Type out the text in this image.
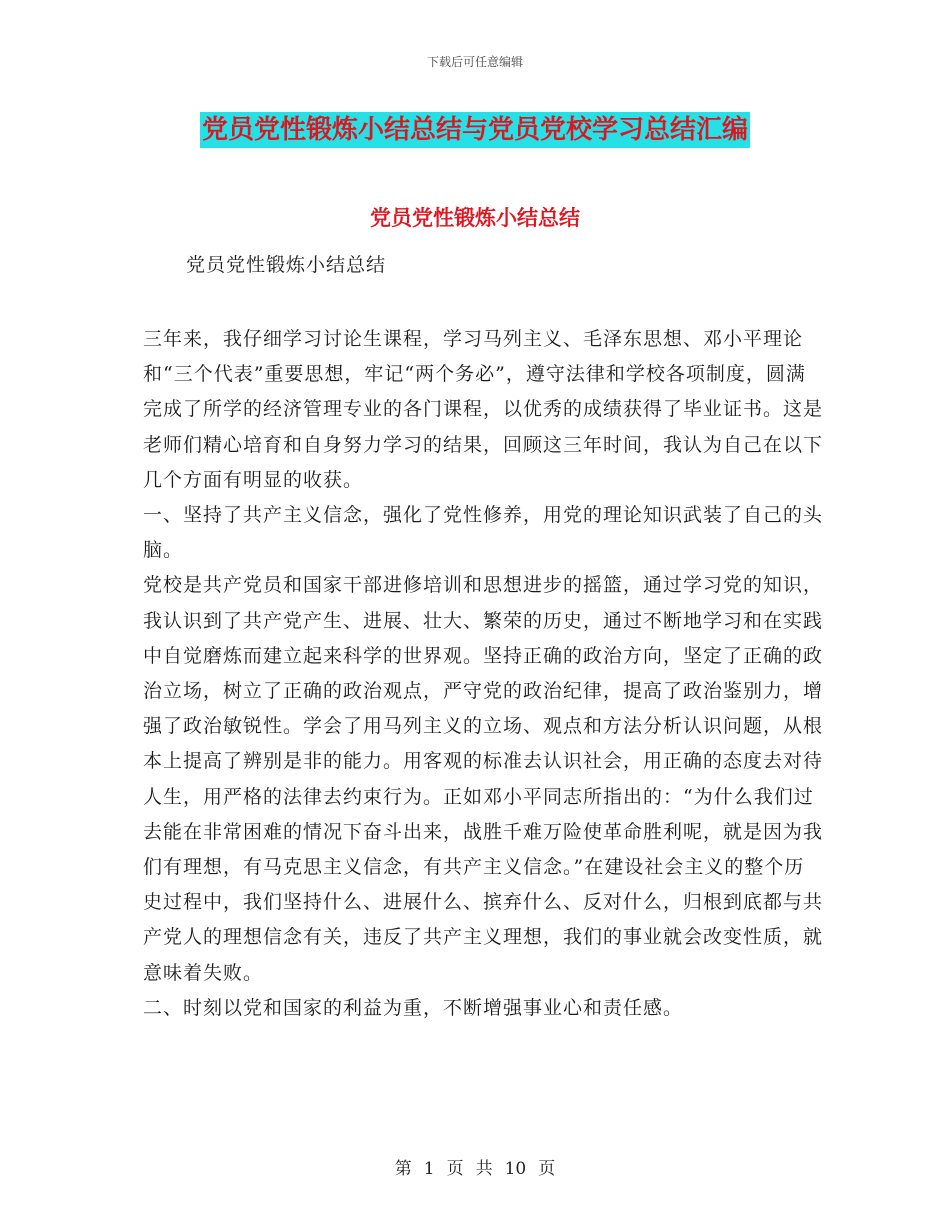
下载后可任意编辑
党员党性锻炼小结总结与党员党校学习总结汇编
党员党性锻炼小结总结
党员党性锻炼小结总结

三年来，我仔细学习讨论生课程，学习马列主义、毛泽东思想、邓小平理论和“三个代表”重要思想，牢记“两个务必”，遵守法律和学校各项制度，圆满完成了所学的经济管理专业的各门课程，以优秀的成绩获得了毕业证书。这是老师们精心培育和自身努力学习的结果，回顾这三年时间，我认为自己在以下几个方面有明显的收获。

一、坚持了共产主义信念，强化了党性修养，用党的理论知识武装了自己的头脑。

党校是共产党员和国家干部进修培训和思想进步的摇篮，通过学习党的知识，我认识到了共产党产生、进展、壮大、繁荣的历史，通过不断地学习和在实践中自觉磨炼而建立起来科学的世界观。坚持正确的政治方向，坚定了正确的政治立场，树立了正确的政治观点，严守党的政治纪律，提高了政治鉴别力，增强了政治敏锐性。学会了用马列主义的立场、观点和方法分析认识问题，从根本上提高了辨别是非的能力。用客观的标准去认识社会，用正确的态度去对待人生，用严格的法律去约束行为。正如邓小平同志所指出的：“为什么我们过去能在非常困难的情况下奋斗出来，战胜千难万险使革命胜利呢，就是因为我们有理想，有马克思主义信念，有共产主义信念。”在建设社会主义的整个历史过程中，我们坚持什么、进展什么、摈弃什么、反对什么，归根到底都与共产党人的理想信念有关，违反了共产主义理想，我们的事业就会改变性质，就意味着失败。

二、时刻以党和国家的利益为重，不断增强事业心和责任感。

第 1 页 共 10 页
